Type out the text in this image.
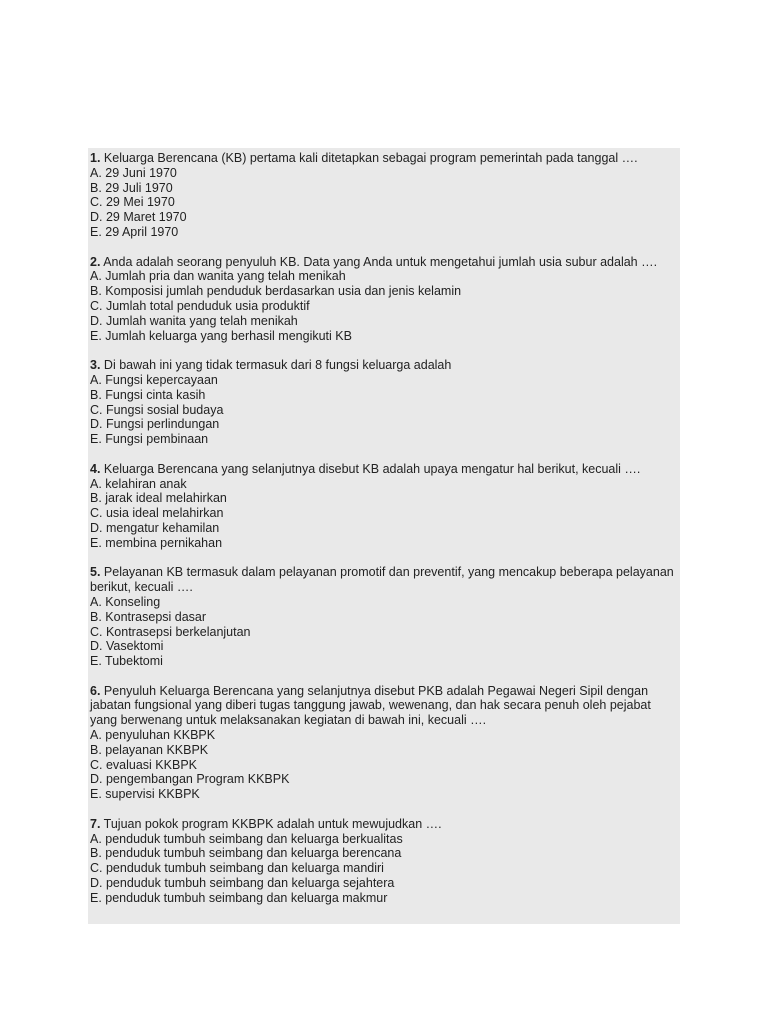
1. Keluarga Berencana (KB) pertama kali ditetapkan sebagai program pemerintah pada tanggal ….
A. 29 Juni 1970
B. 29 Juli 1970
C. 29 Mei 1970
D. 29 Maret 1970
E. 29 April 1970
2. Anda adalah seorang penyuluh KB. Data yang Anda untuk mengetahui jumlah usia subur adalah ….
A. Jumlah pria dan wanita yang telah menikah
B. Komposisi jumlah penduduk berdasarkan usia dan jenis kelamin
C. Jumlah total penduduk usia produktif
D. Jumlah wanita yang telah menikah
E. Jumlah keluarga yang berhasil mengikuti KB
3. Di bawah ini yang tidak termasuk dari 8 fungsi keluarga adalah
A. Fungsi kepercayaan
B. Fungsi cinta kasih
C. Fungsi sosial budaya
D. Fungsi perlindungan
E. Fungsi pembinaan
4. Keluarga Berencana yang selanjutnya disebut KB adalah upaya mengatur hal berikut, kecuali ….
A. kelahiran anak
B. jarak ideal melahirkan
C. usia ideal melahirkan
D. mengatur kehamilan
E. membina pernikahan
5. Pelayanan KB termasuk dalam pelayanan promotif dan preventif, yang mencakup beberapa pelayanan berikut, kecuali ….
A. Konseling
B. Kontrasepsi dasar
C. Kontrasepsi berkelanjutan
D. Vasektomi
E. Tubektomi
6. Penyuluh Keluarga Berencana yang selanjutnya disebut PKB adalah Pegawai Negeri Sipil dengan jabatan fungsional yang diberi tugas tanggung jawab, wewenang, dan hak secara penuh oleh pejabat yang berwenang untuk melaksanakan kegiatan di bawah ini, kecuali ….
A. penyuluhan KKBPK
B. pelayanan KKBPK
C. evaluasi KKBPK
D. pengembangan Program KKBPK
E. supervisi KKBPK
7. Tujuan pokok program KKBPK adalah untuk mewujudkan ….
A. penduduk tumbuh seimbang dan keluarga berkualitas
B. penduduk tumbuh seimbang dan keluarga berencana
C. penduduk tumbuh seimbang dan keluarga mandiri
D. penduduk tumbuh seimbang dan keluarga sejahtera
E. penduduk tumbuh seimbang dan keluarga makmur
